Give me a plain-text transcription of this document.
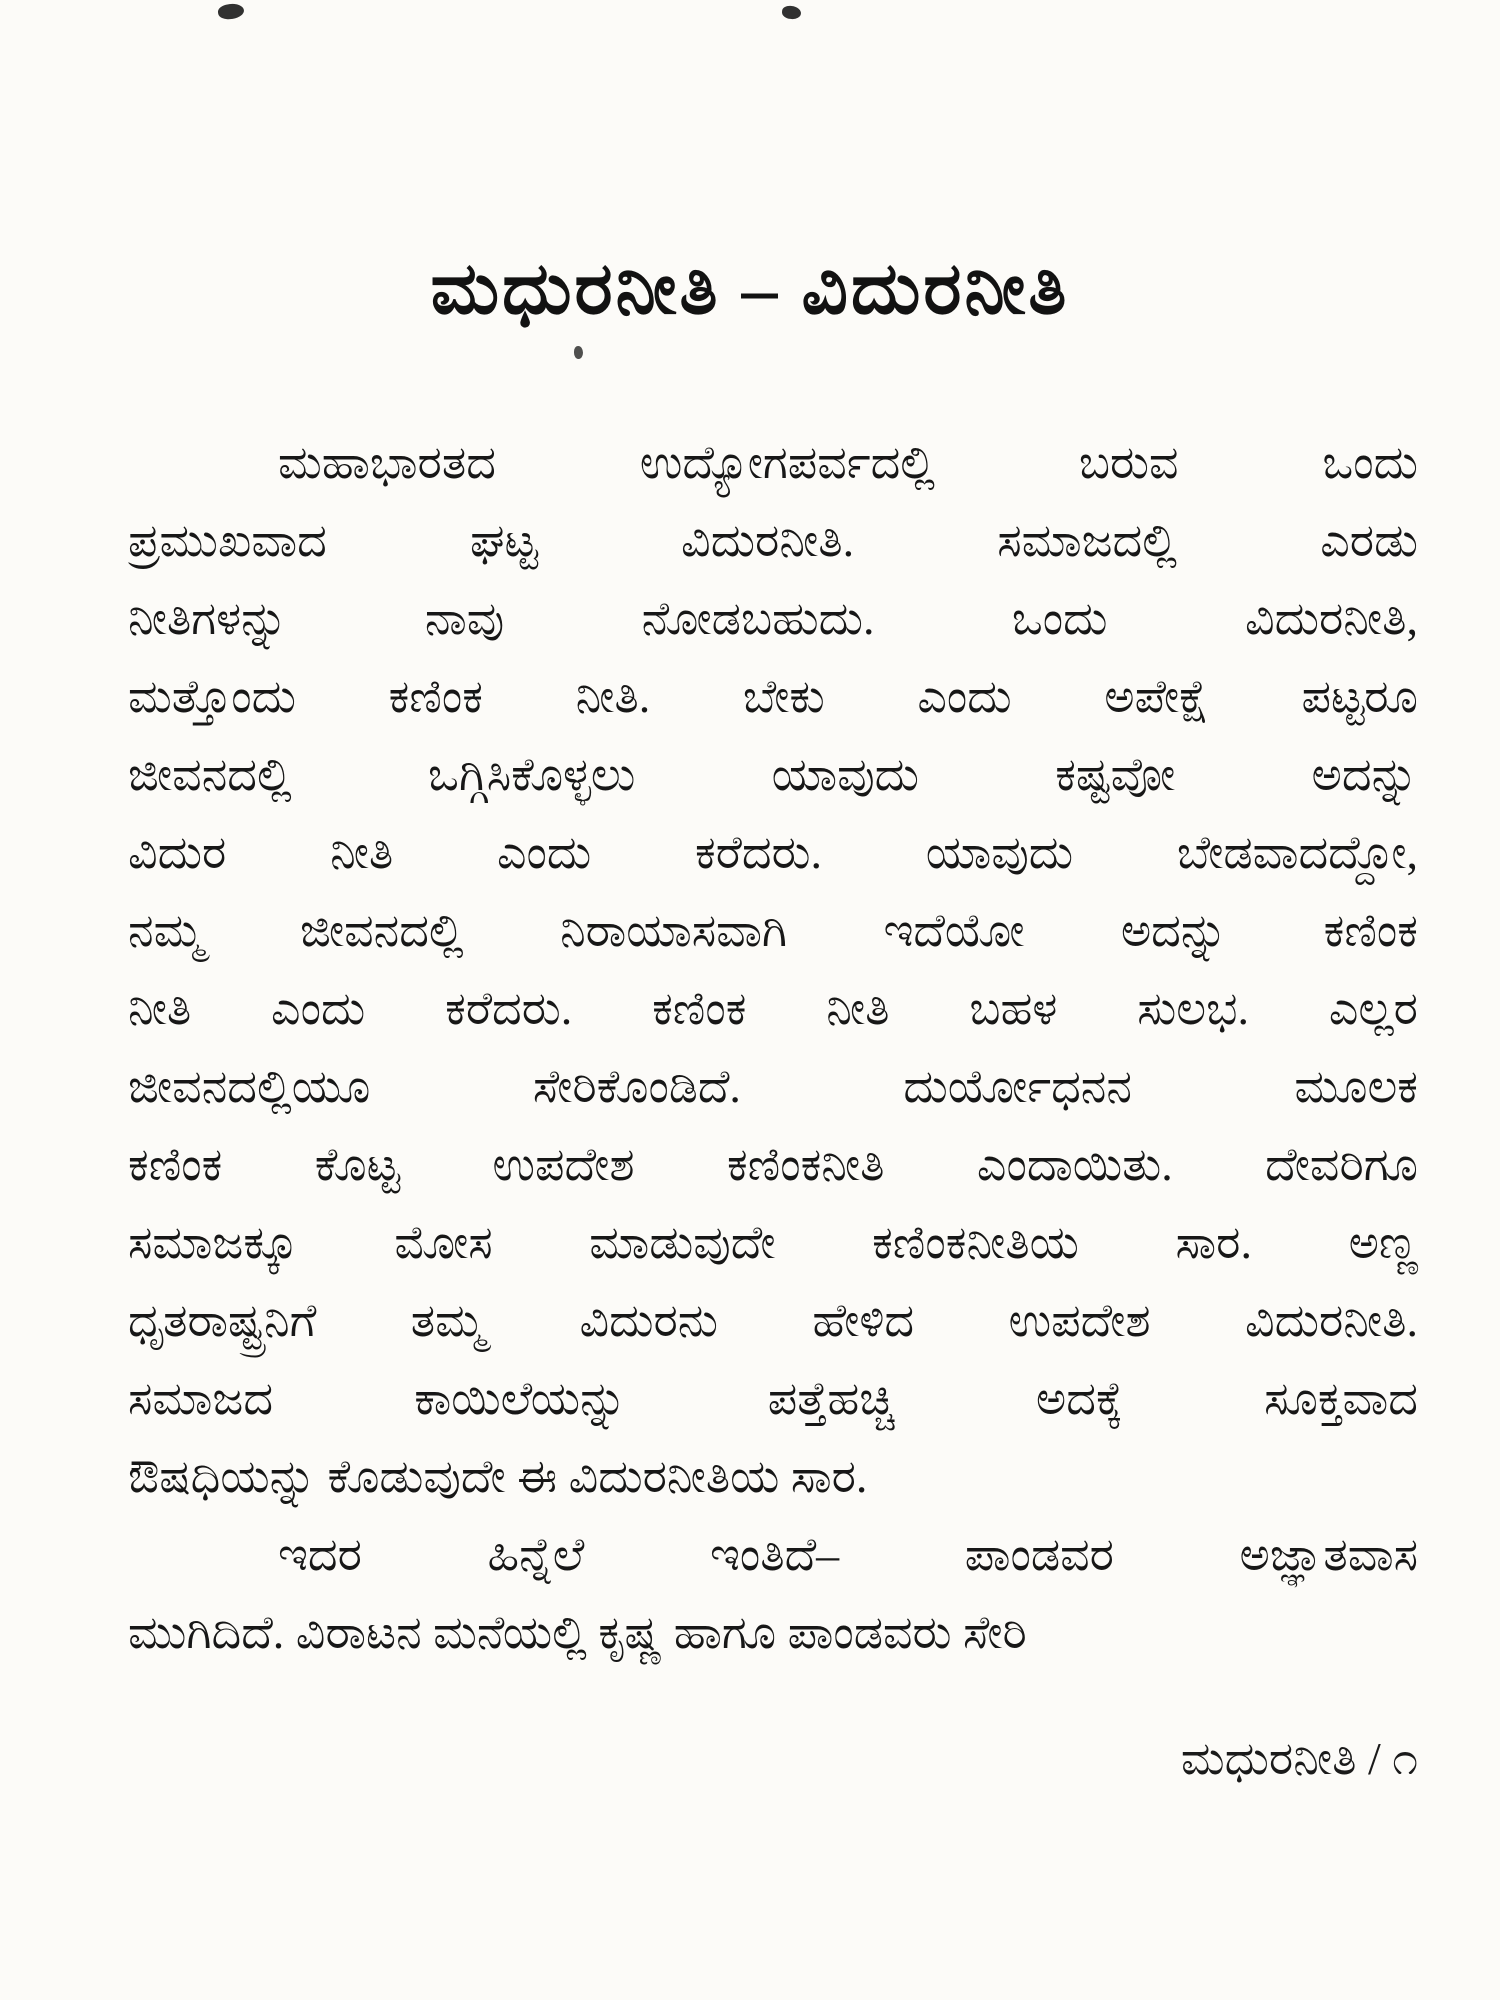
ಮಧುರನೀತಿ – ವಿದುರನೀತಿ
ಮಹಾಭಾರತದ ಉದ್ಯೋಗಪರ್ವದಲ್ಲಿ ಬರುವ ಒಂದು
ಪ್ರಮುಖವಾದ ಘಟ್ಟ ವಿದುರನೀತಿ. ಸಮಾಜದಲ್ಲಿ ಎರಡು
ನೀತಿಗಳನ್ನು ನಾವು ನೋಡಬಹುದು. ಒಂದು ವಿದುರನೀತಿ,
ಮತ್ತೊಂದು ಕಣಿಂಕ ನೀತಿ. ಬೇಕು ಎಂದು ಅಪೇಕ್ಷೆ ಪಟ್ಟರೂ
ಜೀವನದಲ್ಲಿ ಒಗ್ಗಿಸಿಕೊಳ್ಳಲು ಯಾವುದು ಕಷ್ಟವೋ ಅದನ್ನು
ವಿದುರ ನೀತಿ ಎಂದು ಕರೆದರು. ಯಾವುದು ಬೇಡವಾದದ್ದೋ,
ನಮ್ಮ ಜೀವನದಲ್ಲಿ ನಿರಾಯಾಸವಾಗಿ ಇದೆಯೋ ಅದನ್ನು ಕಣಿಂಕ
ನೀತಿ ಎಂದು ಕರೆದರು. ಕಣಿಂಕ ನೀತಿ ಬಹಳ ಸುಲಭ. ಎಲ್ಲರ
ಜೀವನದಲ್ಲಿಯೂ ಸೇರಿಕೊಂಡಿದೆ. ದುರ್ಯೋಧನನ ಮೂಲಕ
ಕಣಿಂಕ ಕೊಟ್ಟ ಉಪದೇಶ ಕಣಿಂಕನೀತಿ ಎಂದಾಯಿತು. ದೇವರಿಗೂ
ಸಮಾಜಕ್ಕೂ ಮೋಸ ಮಾಡುವುದೇ ಕಣಿಂಕನೀತಿಯ ಸಾರ. ಅಣ್ಣ
ಧೃತರಾಷ್ಟ್ರನಿಗೆ ತಮ್ಮ ವಿದುರನು ಹೇಳಿದ ಉಪದೇಶ ವಿದುರನೀತಿ.
ಸಮಾಜದ ಕಾಯಿಲೆಯನ್ನು ಪತ್ತೆಹಚ್ಚಿ ಅದಕ್ಕೆ ಸೂಕ್ತವಾದ
ಔಷಧಿಯನ್ನು ಕೊಡುವುದೇ ಈ ವಿದುರನೀತಿಯ ಸಾರ.
ಇದರ ಹಿನ್ನೆಲೆ ಇಂತಿದೆ– ಪಾಂಡವರ ಅಜ್ಞಾತವಾಸ
ಮುಗಿದಿದೆ. ವಿರಾಟನ ಮನೆಯಲ್ಲಿ ಕೃಷ್ಣ ಹಾಗೂ ಪಾಂಡವರು ಸೇರಿ
ಮಧುರನೀತಿ / ೧
